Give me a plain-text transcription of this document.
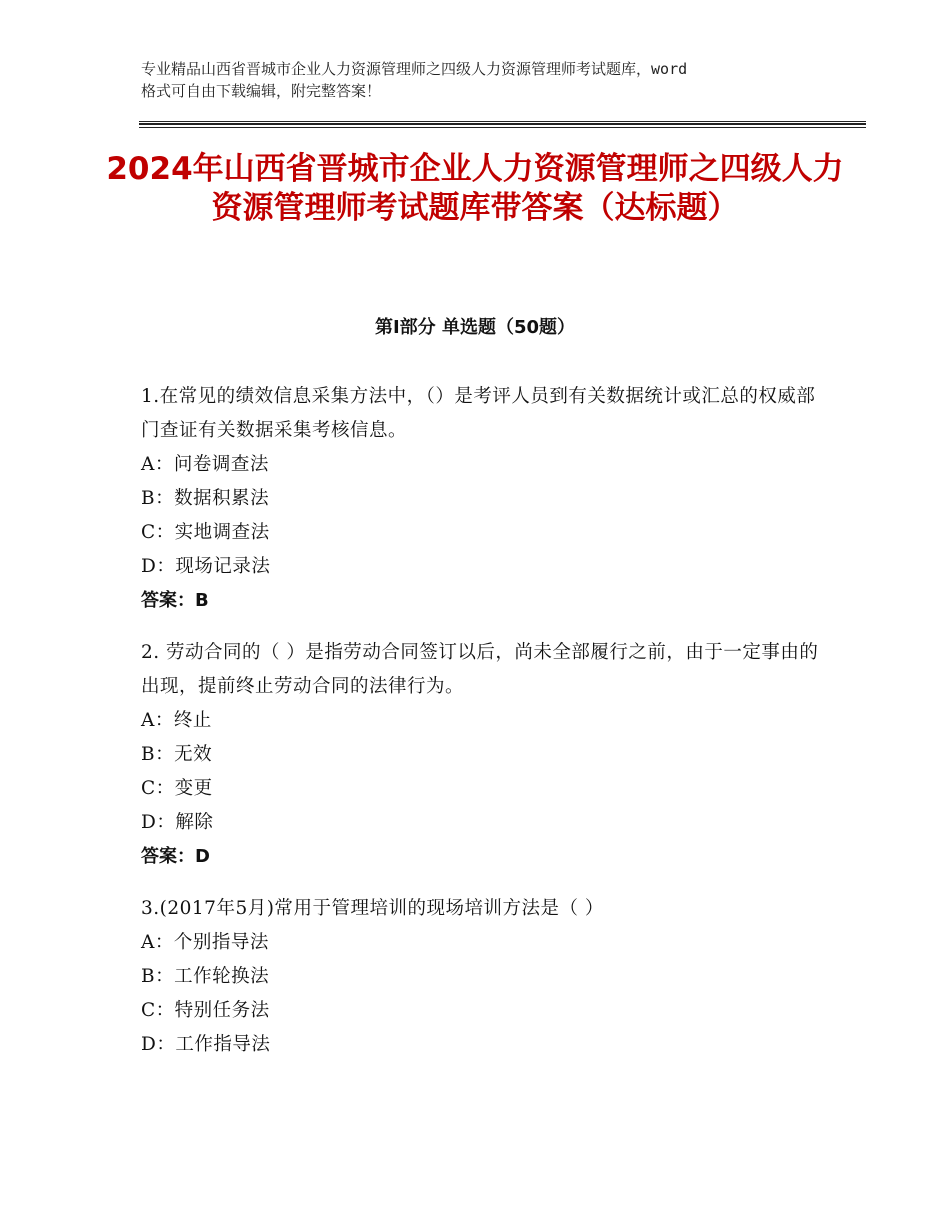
专业精品山西省晋城市企业人力资源管理师之四级人力资源管理师考试题库，word
格式可自由下载编辑，附完整答案！
2024年山西省晋城市企业人力资源管理师之四级人力资源管理师考试题库带答案（达标题）
第Ⅰ部分 单选题（50题）
1.在常见的绩效信息采集方法中，（）是考评人员到有关数据统计或汇总的权威部门查证有关数据采集考核信息。
A：问卷调查法
B：数据积累法
C：实地调查法
D：现场记录法
答案：B
2. 劳动合同的（ ）是指劳动合同签订以后，尚未全部履行之前，由于一定事由的出现，提前终止劳动合同的法律行为。
A：终止
B：无效
C：变更
D：解除
答案：D
3.(2017年5月)常用于管理培训的现场培训方法是（ ）
A：个别指导法
B：工作轮换法
C：特别任务法
D：工作指导法
